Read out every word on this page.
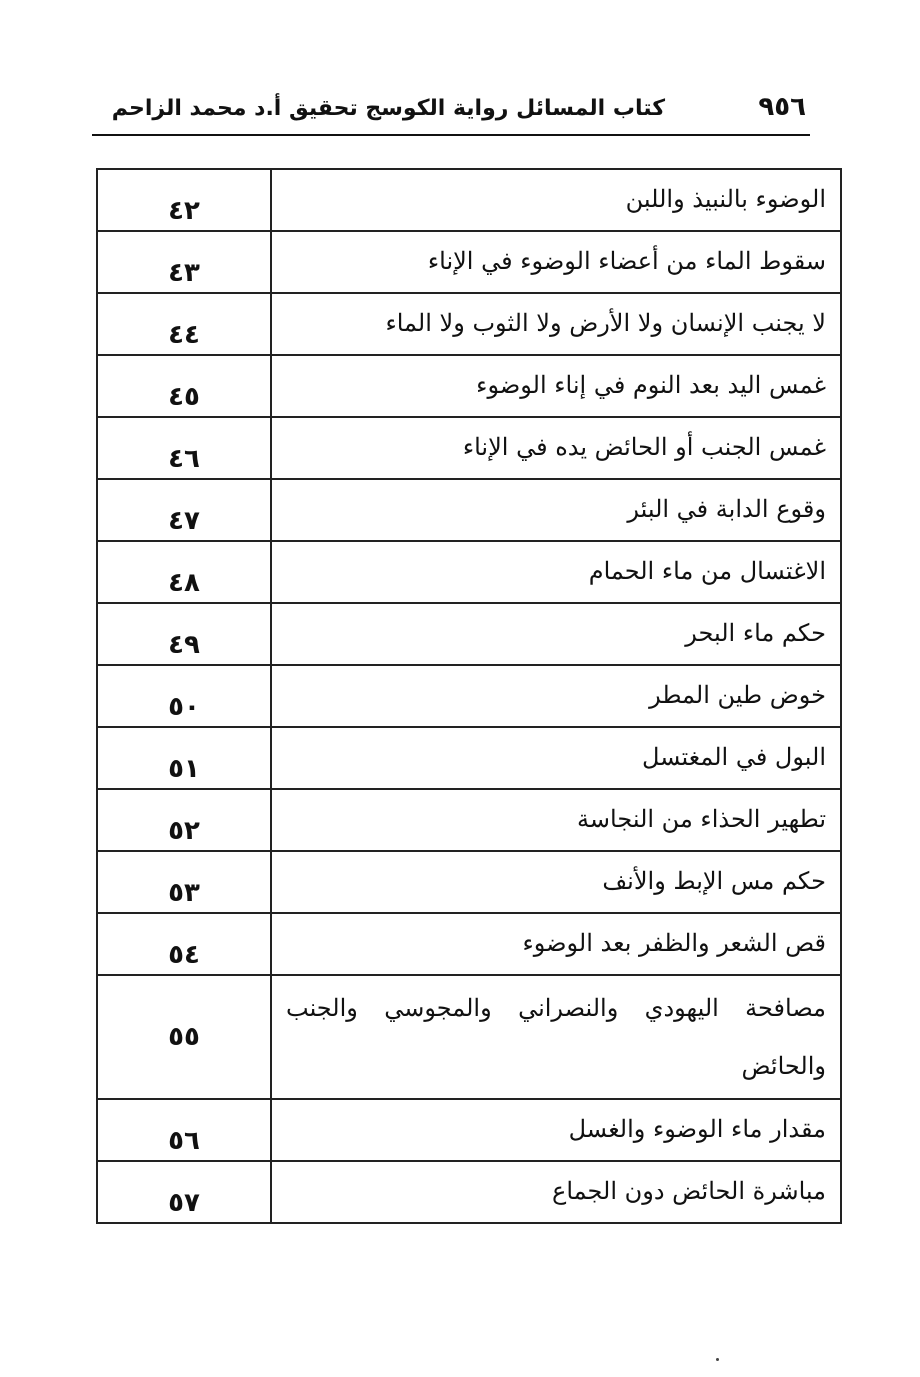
٩٥٦
كتاب المسائل رواية الكوسج تحقيق أ.د محمد الزاحم
الوضوء بالنبيذ واللبن	٤٢
سقوط الماء من أعضاء الوضوء في الإناء	٤٣
لا يجنب الإنسان ولا الأرض ولا الثوب ولا الماء	٤٤
غمس اليد بعد النوم في إناء الوضوء	٤٥
غمس الجنب أو الحائض يده في الإناء	٤٦
وقوع الدابة في البئر	٤٧
الاغتسال من ماء الحمام	٤٨
حكم ماء البحر	٤٩
خوض طين المطر	٥٠
البول في المغتسل	٥١
تطهير الحذاء من النجاسة	٥٢
حكم مس الإبط والأنف	٥٣
قص الشعر والظفر بعد الوضوء	٥٤
مصافحة اليهودي والنصراني والمجوسي والجنب والحائض	٥٥
مقدار ماء الوضوء والغسل	٥٦
مباشرة الحائض دون الجماع	٥٧
